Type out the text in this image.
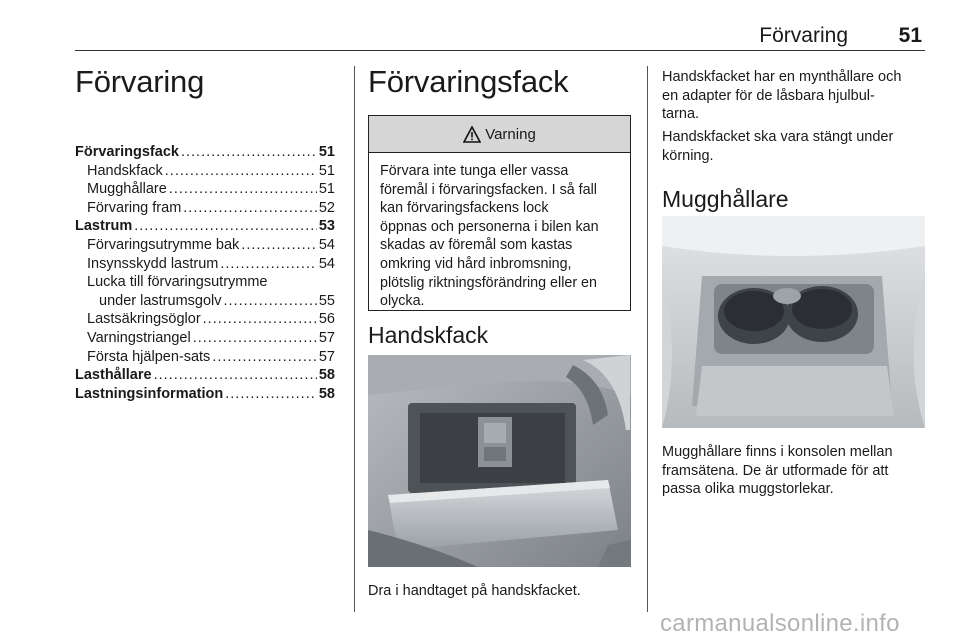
Förvaring 51
Förvaring
Förvaringsfack .....	51
Handskfack .....	51
Mugghållare .....	51
Förvaring fram .....	52
Lastrum .....	53
Förvaringsutrymme bak .....	54
Insynsskydd lastrum .....	54
Lucka till förvaringsutrymme
under lastrumsgolv .....	55
Lastsäkringsöglor .....	56
Varningstriangel .....	57
Första hjälpen-sats .....	57
Lasthållare .....	58
Lastningsinformation .....	58
Förvaringsfack
Varning
Förvara inte tunga eller vassa
föremål i förvaringsfacken. I så fall
kan förvaringsfackens lock
öppnas och personerna i bilen kan
skadas av föremål som kastas
omkring vid hård inbromsning,
plötslig riktningsförändring eller en
olycka.
Handskfack
Dra i handtaget på handskfacket.
Handskfacket har en mynthållare och
en adapter för de låsbara hjulbul-
tarna.
Handskfacket ska vara stängt under
körning.
Mugghållare
Mugghållare finns i konsolen mellan
framsätena. De är utformade för att
passa olika muggstorlekar.
carmanualsonline.info
